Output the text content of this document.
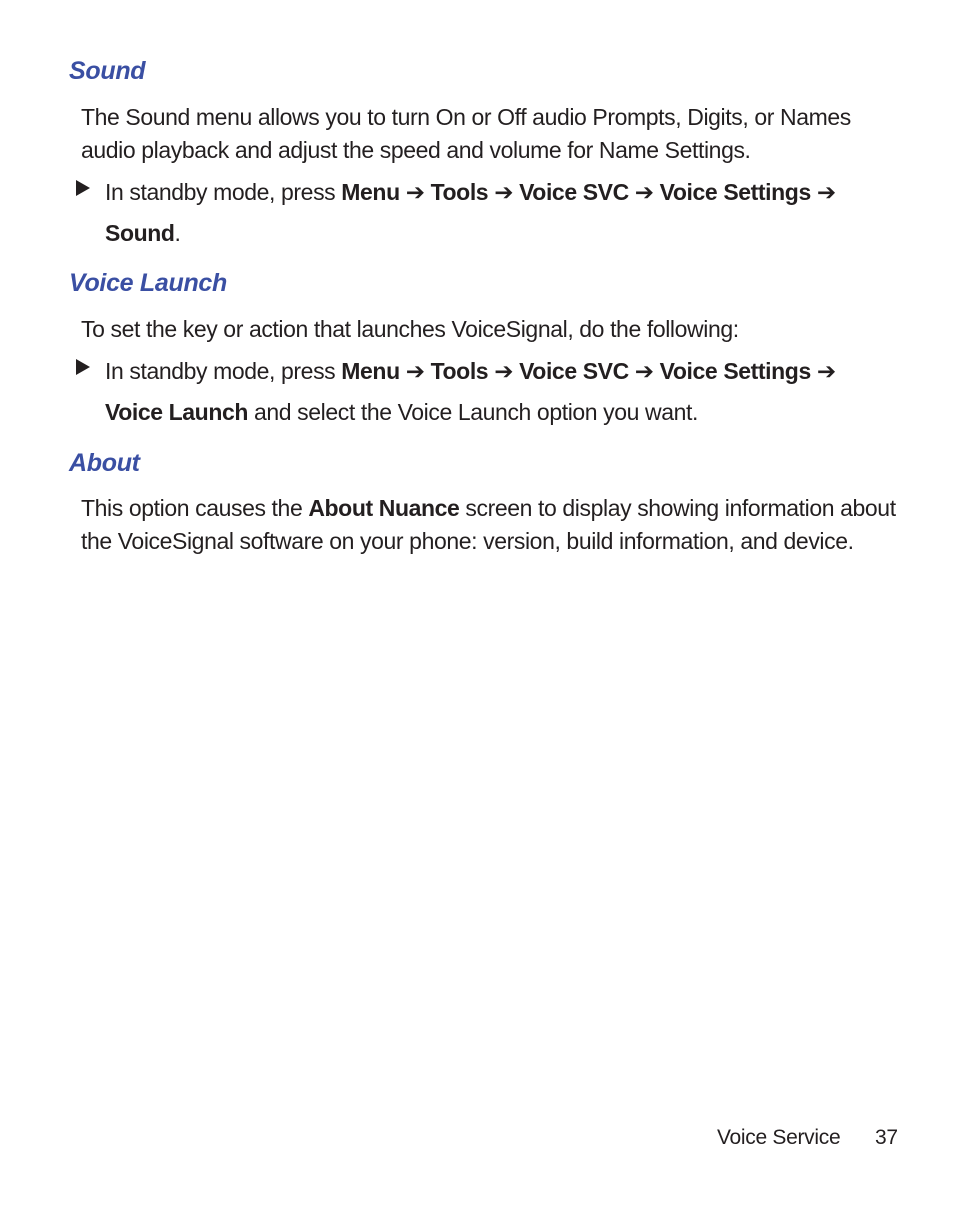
Sound

The Sound menu allows you to turn On or Off audio Prompts, Digits, or Names audio playback and adjust the speed and volume for Name Settings.

In standby mode, press Menu ➔ Tools ➔ Voice SVC ➔ Voice Settings ➔
Sound.

Voice Launch

To set the key or action that launches VoiceSignal, do the following:

In standby mode, press Menu ➔ Tools ➔ Voice SVC ➔ Voice Settings ➔
Voice Launch and select the Voice Launch option you want.

About

This option causes the About Nuance screen to display showing information about the VoiceSignal software on your phone: version, build information, and device.

Voice Service 37
